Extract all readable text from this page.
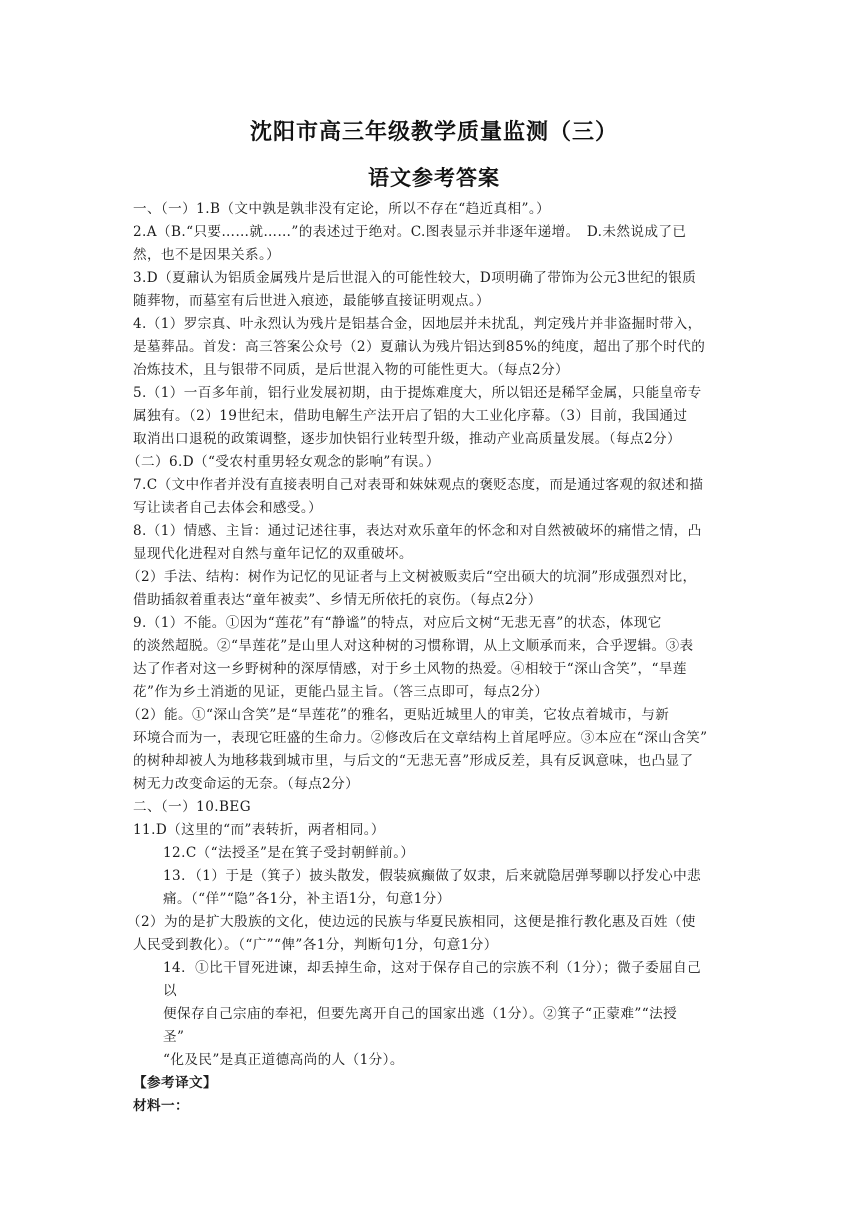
沈阳市高三年级教学质量监测（三）
语文参考答案
一、（一）1.B（文中孰是孰非没有定论，所以不存在“趋近真相”。）
2.A（B.“只要……就……”的表述过于绝对。C.图表显示并非逐年递增。　D.未然说成了已
然，也不是因果关系。）
3.D（夏鼐认为铝质金属残片是后世混入的可能性较大，D项明确了带饰为公元3世纪的银质
随葬物，而墓室有后世进入痕迹，最能够直接证明观点。）
4.（1）罗宗真、叶永烈认为残片是铝基合金，因地层并未扰乱，判定残片并非盗掘时带入，
是墓葬品。首发：高三答案公众号（2）夏鼐认为残片铝达到85%的纯度，超出了那个时代的
冶炼技术，且与银带不同质，是后世混入物的可能性更大。（每点2分）
5.（1）一百多年前，铝行业发展初期，由于提炼难度大，所以铝还是稀罕金属，只能皇帝专
属独有。（2）19世纪末，借助电解生产法开启了铝的大工业化序幕。（3）目前，我国通过
取消出口退税的政策调整，逐步加快铝行业转型升级，推动产业高质量发展。（每点2分）
（二）6.D（“受农村重男轻女观念的影响”有误。）
7.C（文中作者并没有直接表明自己对表哥和妹妹观点的褒贬态度，而是通过客观的叙述和描
写让读者自己去体会和感受。）
8.（1）情感、主旨：通过记述往事，表达对欢乐童年的怀念和对自然被破坏的痛惜之情，凸
显现代化进程对自然与童年记忆的双重破坏。
（2）手法、结构：树作为记忆的见证者与上文树被贩卖后“空出硕大的坑洞”形成强烈对比，
借助插叙着重表达“童年被卖”、乡情无所依托的哀伤。（每点2分）
9.（1）不能。①因为“莲花”有“静谧”的特点，对应后文树“无悲无喜”的状态，体现它
的淡然超脱。②“旱莲花”是山里人对这种树的习惯称谓，从上文顺承而来，合乎逻辑。③表
达了作者对这一乡野树种的深厚情感，对于乡土风物的热爱。④相较于“深山含笑”，“旱莲
花”作为乡土消逝的见证，更能凸显主旨。（答三点即可，每点2分）
（2）能。①“深山含笑”是“旱莲花”的雅名，更贴近城里人的审美，它妆点着城市，与新
环境合而为一，表现它旺盛的生命力。②修改后在文章结构上首尾呼应。③本应在“深山含笑”
的树种却被人为地移栽到城市里，与后文的“无悲无喜”形成反差，具有反讽意味，也凸显了
树无力改变命运的无奈。（每点2分）
二、（一）10.BEG
11.D（这里的“而”表转折，两者相同。）
12.C（“法授圣”是在箕子受封朝鲜前。）
13．（1）于是（箕子）披头散发，假装疯癫做了奴隶，后来就隐居弹琴聊以抒发心中悲
痛。（“佯”“隐”各1分，补主语1分，句意1分）
（2）为的是扩大殷族的文化，使边远的民族与华夏民族相同，这便是推行教化惠及百姓（使
人民受到教化）。（“广”“俾”各1分，判断句1分，句意1分）
14．①比干冒死进谏，却丢掉生命，这对于保存自己的宗族不利（1分）；微子委屈自己
以
便保存自己宗庙的奉祀，但要先离开自己的国家出逃（1分）。②箕子“正蒙难”“法授
圣”
“化及民”是真正道德高尚的人（1分）。
【参考译文】
材料一：
